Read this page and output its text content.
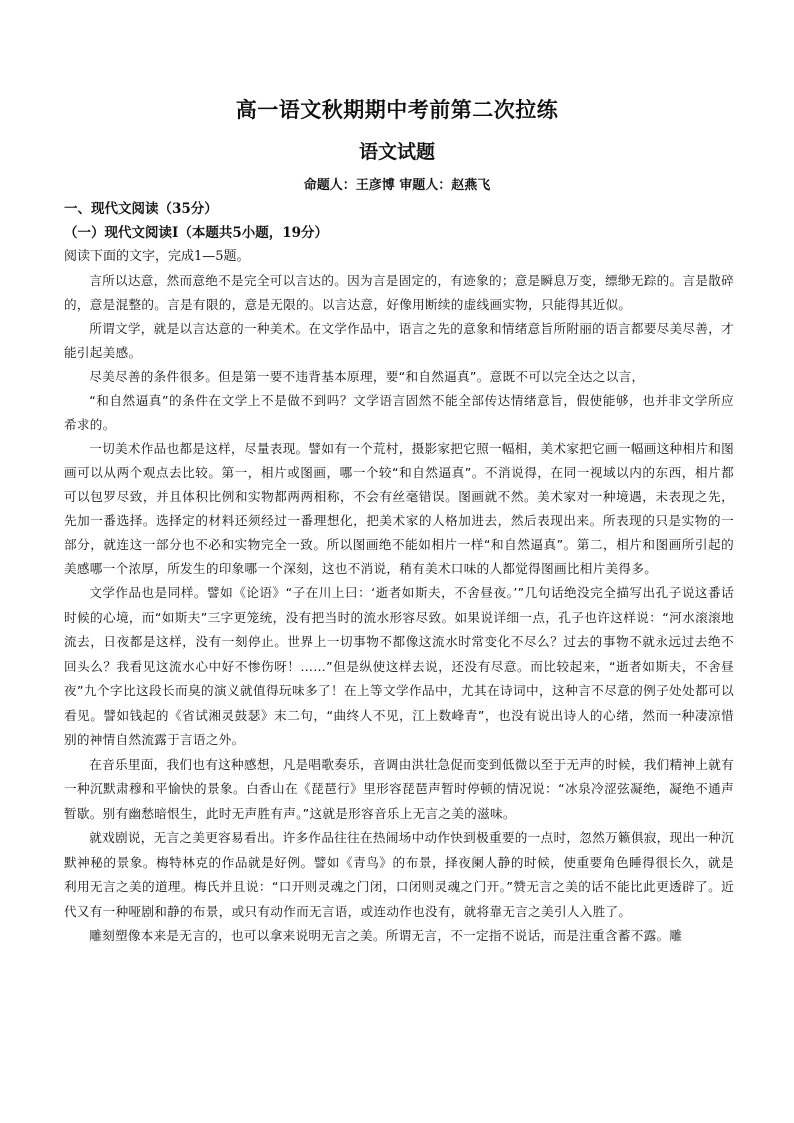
高一语文秋期期中考前第二次拉练
语文试题
命题人：王彦博 审题人：赵燕飞

一、现代文阅读（35分）

（一）现代文阅读Ⅰ（本题共5小题，19分）

阅读下面的文字，完成1—5题。

言所以达意，然而意绝不是完全可以言达的。因为言是固定的，有迹象的；意是瞬息万变，缥缈无踪的。言是散碎的，意是混整的。言是有限的，意是无限的。以言达意，好像用断续的虚线画实物，只能得其近似。

所谓文学，就是以言达意的一种美术。在文学作品中，语言之先的意象和情绪意旨所附丽的语言都要尽美尽善，才能引起美感。

尽美尽善的条件很多。但是第一要不违背基本原理，要“和自然逼真”。意既不可以完全达之以言，

“和自然逼真”的条件在文学上不是做不到吗？文学语言固然不能全部传达情绪意旨，假使能够，也并非文学所应希求的。

一切美术作品也都是这样，尽量表现。譬如有一个荒村，摄影家把它照一幅相，美术家把它画一幅画这种相片和图画可以从两个观点去比较。第一，相片或图画，哪一个较“和自然逼真”。不消说得，在同一视域以内的东西，相片都可以包罗尽致，并且体积比例和实物都两两相称，不会有丝毫错误。图画就不然。美术家对一种境遇，未表现之先，先加一番选择。选择定的材料还须经过一番理想化，把美术家的人格加进去，然后表现出来。所表现的只是实物的一部分，就连这一部分也不必和实物完全一致。所以图画绝不能如相片一样“和自然逼真”。第二，相片和图画所引起的美感哪一个浓厚，所发生的印象哪一个深刻，这也不消说，稍有美术口味的人都觉得图画比相片美得多。

文学作品也是同样。譬如《论语》“子在川上曰：‘逝者如斯夫，不舍昼夜。’”几句话绝没完全描写出孔子说这番话时候的心境，而“如斯夫”三字更笼统，没有把当时的流水形容尽致。如果说详细一点，孔子也许这样说：“河水滚滚地流去，日夜都是这样，没有一刻停止。世界上一切事物不都像这流水时常变化不尽么？过去的事物不就永远过去绝不回头么？我看见这流水心中好不惨伤呀！……”但是纵使这样去说，还没有尽意。而比较起来，“逝者如斯夫，不舍昼夜”九个字比这段长而臭的演义就值得玩味多了！在上等文学作品中，尤其在诗词中，这种言不尽意的例子处处都可以看见。譬如钱起的《省试湘灵鼓瑟》末二句，“曲终人不见，江上数峰青”，也没有说出诗人的心绪，然而一种凄凉惜别的神情自然流露于言语之外。

在音乐里面，我们也有这种感想，凡是唱歌奏乐，音调由洪壮急促而变到低微以至于无声的时候，我们精神上就有一种沉默肃穆和平愉快的景象。白香山在《琵琶行》里形容琵琶声暂时停顿的情况说：“冰泉冷涩弦凝绝，凝绝不通声暂歇。别有幽愁暗恨生，此时无声胜有声。”这就是形容音乐上无言之美的滋味。

就戏剧说，无言之美更容易看出。许多作品往往在热闹场中动作快到极重要的一点时，忽然万籁俱寂，现出一种沉默神秘的景象。梅特林克的作品就是好例。譬如《青鸟》的布景，择夜阑人静的时候，使重要角色睡得很长久，就是利用无言之美的道理。梅氏并且说：“口开则灵魂之门闭，口闭则灵魂之门开。”赞无言之美的话不能比此更透辟了。近代又有一种哑剧和静的布景，或只有动作而无言语，或连动作也没有，就将靠无言之美引人入胜了。

雕刻塑像本来是无言的，也可以拿来说明无言之美。所谓无言，不一定指不说话，而是注重含蓄不露。雕
